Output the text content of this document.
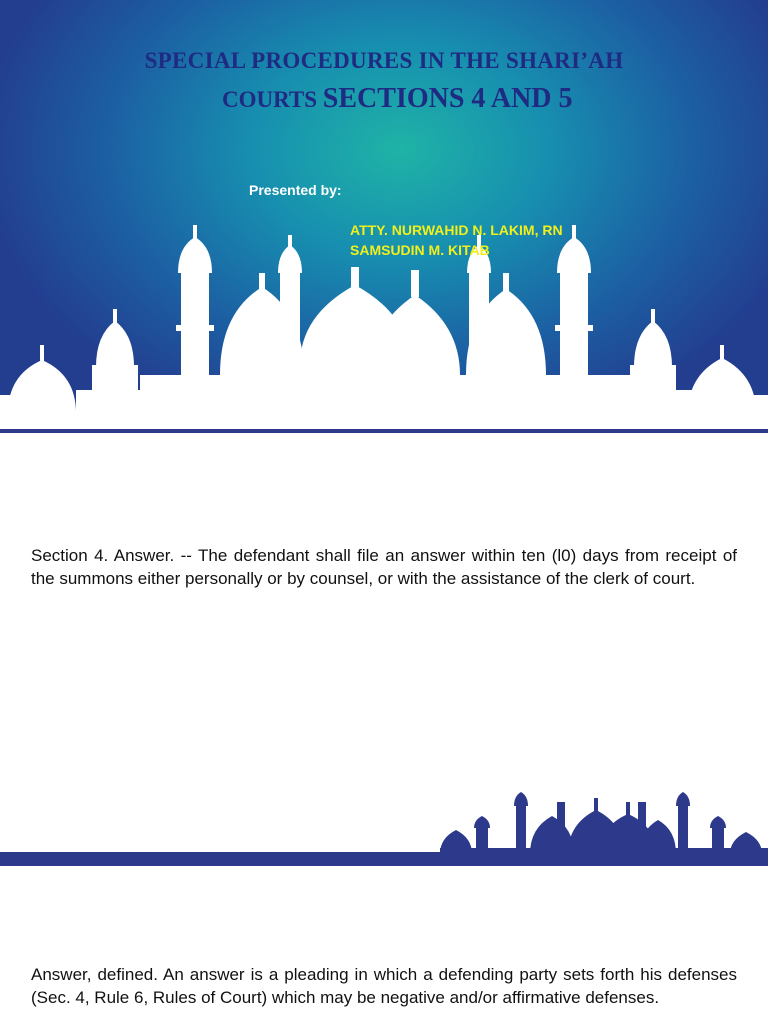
SPECIAL PROCEDURES IN THE SHARI’AH
COURTS SECTIONS 4 AND 5
Presented by:
ATTY. NURWAHID N. LAKIM, RN
SAMSUDIN M. KITAB

Section 4. Answer. -- The defendant shall file an answer within ten (l0) days from receipt of the summons either personally or by counsel, or with the assistance of the clerk of court.

Answer, defined. An answer is a pleading in which a defending party sets forth his defenses (Sec. 4, Rule 6, Rules of Court) which may be negative and/or affirmative defenses.
